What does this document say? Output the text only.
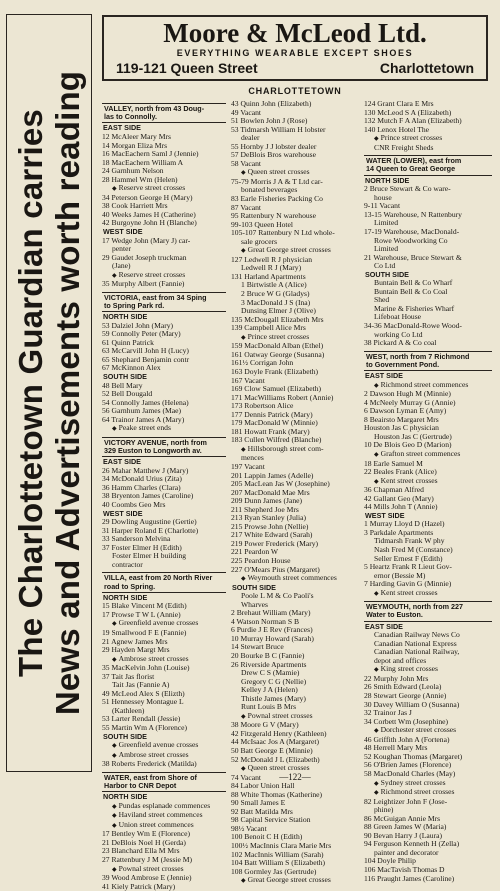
The Charlottetown Guardian carries News and Advertisements worth reading
Moore & McLeod Ltd.
EVERYTHING WEARABLE EXCEPT SHOES
119-121 Queen Street	Charlottetown
CHARLOTTETOWN
VALLEY, north from 43 Doug-
las to Connolly.
EAST SIDE
12 McAleer Mary Mrs
14 Morgan Eliza Mrs
16 MacEachern Saml J (Jennie)
18 MacEachern William A
24 Garnhum Nelson
28 Hammel Wm (Helen)
◆ Reserve street crosses
34 Peterson George H (Mary)
38 Cook Harriett Mrs
40 Weeks James H (Catherine)
42 Burgoyne John H (Blanche)
WEST SIDE
17 Wedge John (Mary J) car-
penter
29 Gaudet Joseph truckman
(Jane)
◆ Reserve street crosses
35 Murphy Albert (Fannie)
VICTORIA, east from 34 Sping
to Spring Park rd.
NORTH SIDE
53 Dalziel John (Mary)
59 Connolly Peter (Mary)
61 Quinn Patrick
63 McCarvill John H (Lucy)
65 Shephard Benjamin contr
67 McKinnon Alex
SOUTH SIDE
48 Bell Mary
52 Bell Dougald
54 Connolly James (Helena)
56 Garnhum James (Mae)
64 Trainor James A (Mary)
◆ Peake street ends
VICTORY AVENUE, north from
329 Euston to Longworth av.
EAST SIDE
26 Mahar Matthew J (Mary)
34 McDonald Urius (Zita)
36 Hamm Charles (Clara)
38 Bryenton James (Caroline)
40 Coombs Geo Mrs
WEST SIDE
29 Dowling Augustine (Gertie)
31 Harper Roland E (Charlotte)
33 Sanderson Melvina
37 Foster Elmer H (Edith)
Foster Elmer H building
contractor
VILLA, east from 20 North River
road to Spring.
NORTH SIDE
15 Blake Vincent M (Edith)
17 Prowse T W L (Annie)
◆ Greenfield avenue crosses
19 Smallwood F E (Fannie)
21 Agnew James Mrs
29 Hayden Margt Mrs
◆ Ambrose street crosses
35 MacKelvin John (Louise)
37 Tait Jas florist
Tait Jas (Fannie A)
49 McLeod Alex S (Elizth)
51 Hennessey Montague L
(Kathleen)
53 Larter Rendall (Jessie)
55 Martin Wm A (Florence)
SOUTH SIDE
◆ Greenfield avenue crosses
◆ Ambrose street crosses
38 Roberts Frederick (Matilda)
WATER, east from Shore of
Harbor to CNR Depot
NORTH SIDE
◆ Pundas esplanade commences
◆ Haviland street commences
◆ Union street commences
17 Bentley Wm E (Florence)
21 DeBlois Noel H (Gerda)
23 Blanchard Ella M Mrs
27 Rattenbury J M (Jessie M)
◆ Pownal street crosses
39 Wood Ambrose E (Jennie)
41 Kiely Patrick (Mary)
43 Quinn John (Elizabeth)
49 Vacant
51 Bowlen John J (Rose)
53 Tidmarsh William H lobster
dealer
55 Hornby J J lobster dealer
57 DeBlois Bros warehouse
58 Vacant
◆ Queen street crosses
75-79 Morris J A & T Ltd car-
bonated beverages
83 Earle Fisheries Packing Co
87 Vacant
95 Rattenbury N warehouse
99-103 Queen Hotel
105-107 Rattenbury N Ltd whole-
sale grocers
◆ Great George street crosses
127 Ledwell R J physician
Ledwell R J (Mary)
131 Harland Apartments
1 Birtwistle A (Alice)
2 Bruce W G (Gladys)
3 MacDonald J S (Ina)
Dunsing Elmer J (Olive)
135 McDougall Elizabeth Mrs
139 Campbell Alice Mrs
◆ Prince street crosses
159 MacDonald Alban (Ethel)
161 Oatway George (Susanna)
161½ Corrigan John
163 Doyle Frank (Elizabeth)
167 Vacant
169 Clow Samuel (Elizabeth)
171 MacWilliams Robert (Annie)
173 Robertson Alice
177 Dennis Patrick (Mary)
179 MacDonald W (Minnie)
181 Howatt Frank (Mary)
183 Cullen Wilfred (Blanche)
◆ Hillsborough street com-
mences
197 Vacant
201 Lappin James (Adelle)
205 MacLean Jas W (Josephine)
207 MacDonald Mae Mrs
209 Dunn James (Jane)
211 Shepherd Joe Mrs
213 Ryan Stanley (Julia)
215 Prowse John (Nellie)
217 White Edward (Sarah)
219 Power Frederick (Mary)
221 Peardon W
225 Peardon House
227 O'Mears Pius (Margaret)
◆ Weymouth street commences
SOUTH SIDE
Poole L M & Co Paoli's
Wharves
2 Brehaut William (Mary)
4 Watson Norman S B
6 Purdie J E Rev (Frances)
10 Murray Howard (Sarah)
14 Stewart Bruce
20 Bourke B C (Fannie)
26 Riverside Apartments
Drew C S (Mamie)
Gregory C G (Nellie)
Kelley J A (Helen)
Thistle James (Mary)
Runt Louis B Mrs
◆ Pownal street crosses
38 Moore G V (Mary)
42 Fitzgerald Henry (Kathleen)
44 McIsaac Jos A (Margaret)
50 Batt George E (Minnie)
52 McDonald J L (Elizabeth)
◆ Queen street crosses
74 Vacant
84 Labor Union Hall
88 White Thomas (Katherine)
90 Small James E
92 Batt Matilda Mrs
98 Capital Service Station
98½ Vacant
100 Benoit C H (Edith)
100½ MacInnis Clara Marie Mrs
102 MacInnis William (Sarah)
104 Batt William S (Elizabeth)
108 Gormley Jas (Gertrude)
◆ Great George street crosses
124 Grant Clara E Mrs
130 McLeod S A (Elizabeth)
132 Mutch F A Alan (Elizabeth)
140 Lenox Hotel The
◆ Prince street crosses
CNR Freight Sheds
WATER (LOWER), east from
14 Queen to Great George
NORTH SIDE
2 Bruce Stewart & Co ware-
house
9-11 Vacant
13-15 Warehouse, N Rattenbury
Limited
17-19 Warehouse, MacDonald-
Rowe Woodworking Co
Limited
21 Warehouse, Bruce Stewart &
Co Ltd
SOUTH SIDE
Buntain Bell & Co Wharf
Buntain Bell & Co Coal
Shed
Marine & Fisheries Wharf
Lifeboat House
34-36 MacDonald-Rowe Wood-
working Co Ltd
38 Pickard A & Co coal
WEST, north from 7 Richmond
to Government Pond.
EAST SIDE
◆ Richmond street commences
2 Dawson Hugh M (Minnie)
4 McNeely Murray G (Annie)
6 Dawson Lyman E (Amy)
8 Beairsto Margaret Mrs
Houston Jas C physician
Houston Jas C (Gertrude)
10 De Blois Geo D (Marion)
◆ Grafton street commences
18 Earle Samuel M
22 Beales Frank (Alice)
◆ Kent street crosses
36 Chapman Alfred
42 Gallant Geo (Mary)
44 Mills John T (Annie)
WEST SIDE
1 Murray Lloyd D (Hazel)
3 Parkdale Apartments
Tidmarsh Frank W phy
Nash Fred M (Constance)
Seller Ernest F (Edith)
5 Heartz Frank R Lieut Gov-
ernor (Bessie M)
7 Harding Gavin G (Minnie)
◆ Kent street crosses
WEYMOUTH, north from 227
Water to Euston.
EAST SIDE
Canadian Railway News Co
Canadian National Express
Canadian National Railway,
depot and offices
◆ King street crosses
22 Murphy John Mrs
26 Smith Edward (Leola)
28 Stewart George (Annie)
30 Davey William O (Susanna)
32 Trainor Jas J
34 Corbett Wm (Josephine)
◆ Dorchester street crosses
46 Griffith John A (Fortena)
48 Herrell Mary Mrs
52 Koughan Thomas (Margaret)
56 O'Brien James (Florence)
58 MacDonald Charles (May)
◆ Sydney street crosses
◆ Richmond street crosses
82 Leightizer John F (Jose-
phine)
86 McGuigan Annie Mrs
88 Green James W (Maria)
90 Bevan Harry J (Laura)
94 Ferguson Kenneth H (Zella)
painter and decorator
104 Doyle Philip
106 MacTavish Thomas D
116 Praught James (Caroline)
—122—
